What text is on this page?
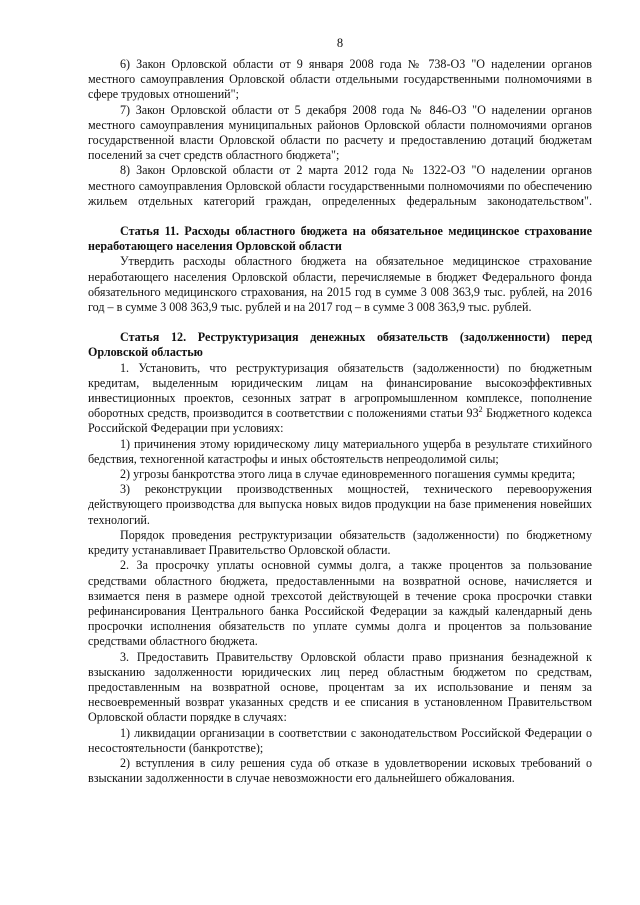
8

6) Закон Орловской области от 9 января 2008 года № 738-ОЗ "О наделении органов местного самоуправления Орловской области отдельными государственными полномочиями в сфере трудовых отношений";

7) Закон Орловской области от 5 декабря 2008 года № 846-ОЗ "О наделении органов местного самоуправления муниципальных районов Орловской области полномочиями органов государственной власти Орловской области по расчету и предоставлению дотаций бюджетам поселений за счет средств областного бюджета";

8) Закон Орловской области от 2 марта 2012 года № 1322-ОЗ "О наделении органов местного самоуправления Орловской области государственными полномочиями по обеспечению жильем отдельных категорий граждан, определенных федеральным законодательством".

Статья 11. Расходы областного бюджета на обязательное медицинское страхование неработающего населения Орловской области

Утвердить расходы областного бюджета на обязательное медицинское страхование неработающего населения Орловской области, перечисляемые в бюджет Федерального фонда обязательного медицинского страхования, на 2015 год в сумме 3 008 363,9 тыс. рублей, на 2016 год – в сумме 3 008 363,9 тыс. рублей и на 2017 год – в сумме 3 008 363,9 тыс. рублей.

Статья 12. Реструктуризация денежных обязательств (задолженности) перед Орловской областью

1. Установить, что реструктуризация обязательств (задолженности) по бюджетным кредитам, выделенным юридическим лицам на финансирование высокоэффективных инвестиционных проектов, сезонных затрат в агропромышленном комплексе, пополнение оборотных средств, производится в соответствии с положениями статьи $93^2$ Бюджетного кодекса Российской Федерации при условиях:

1) причинения этому юридическому лицу материального ущерба в результате стихийного бедствия, техногенной катастрофы и иных обстоятельств непреодолимой силы;

2) угрозы банкротства этого лица в случае единовременного погашения суммы кредита;

3) реконструкции производственных мощностей, технического перевооружения действующего производства для выпуска новых видов продукции на базе применения новейших технологий.

Порядок проведения реструктуризации обязательств (задолженности) по бюджетному кредиту устанавливает Правительство Орловской области.

2. За просрочку уплаты основной суммы долга, а также процентов за пользование средствами областного бюджета, предоставленными на возвратной основе, начисляется и взимается пеня в размере одной трехсотой действующей в течение срока просрочки ставки рефинансирования Центрального банка Российской Федерации за каждый календарный день просрочки исполнения обязательств по уплате суммы долга и процентов за пользование средствами областного бюджета.

3. Предоставить Правительству Орловской области право признания безнадежной к взысканию задолженности юридических лиц перед областным бюджетом по средствам, предоставленным на возвратной основе, процентам за их использование и пеням за несвоевременный возврат указанных средств и ее списания в установленном Правительством Орловской области порядке в случаях:

1) ликвидации организации в соответствии с законодательством Российской Федерации о несостоятельности (банкротстве);

2) вступления в силу решения суда об отказе в удовлетворении исковых требований о взыскании задолженности в случае невозможности его дальнейшего обжалования.
